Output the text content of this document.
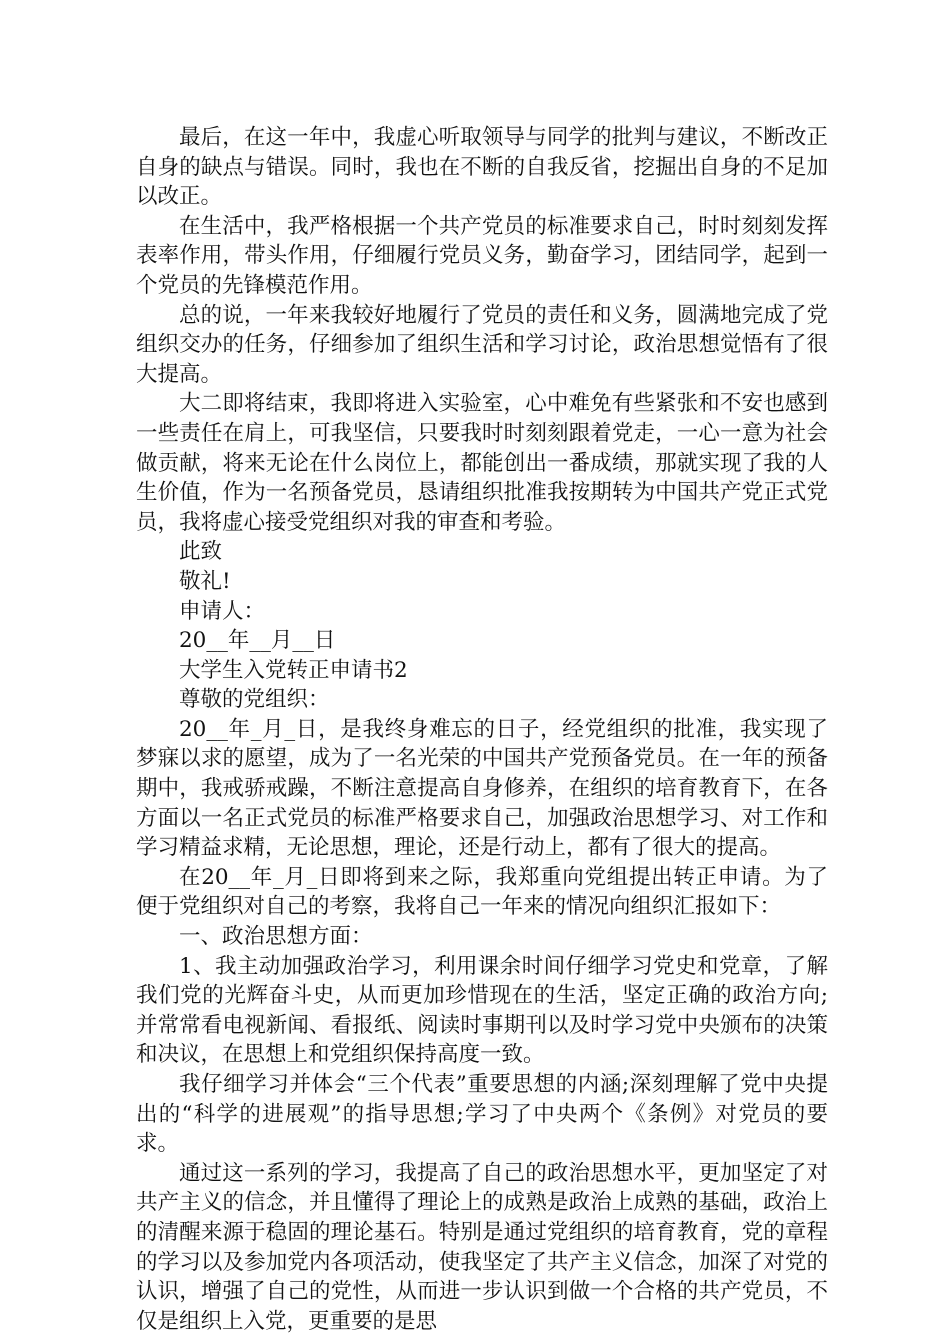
最后，在这一年中，我虚心听取领导与同学的批判与建议，不断改正自身的缺点与错误。同时，我也在不断的自我反省，挖掘出自身的不足加以改正。

在生活中，我严格根据一个共产党员的标准要求自己，时时刻刻发挥表率作用，带头作用，仔细履行党员义务，勤奋学习，团结同学，起到一个党员的先锋模范作用。

总的说，一年来我较好地履行了党员的责任和义务，圆满地完成了党组织交办的任务，仔细参加了组织生活和学习讨论，政治思想觉悟有了很大提高。

大二即将结束，我即将进入实验室，心中难免有些紧张和不安也感到一些责任在肩上，可我坚信，只要我时时刻刻跟着党走，一心一意为社会做贡献，将来无论在什么岗位上，都能创出一番成绩，那就实现了我的人生价值，作为一名预备党员，恳请组织批准我按期转为中国共产党正式党员，我将虚心接受党组织对我的审查和考验。

此致

敬礼!

申请人：

20__年__月__日

大学生入党转正申请书2

尊敬的党组织：

20__年_月_日，是我终身难忘的日子，经党组织的批准，我实现了梦寐以求的愿望，成为了一名光荣的中国共产党预备党员。在一年的预备期中，我戒骄戒躁，不断注意提高自身修养，在组织的培育教育下，在各方面以一名正式党员的标准严格要求自己，加强政治思想学习、对工作和学习精益求精，无论思想，理论，还是行动上，都有了很大的提高。

在20__年_月_日即将到来之际，我郑重向党组提出转正申请。为了便于党组织对自己的考察，我将自己一年来的情况向组织汇报如下：

一、政治思想方面：

1、我主动加强政治学习，利用课余时间仔细学习党史和党章，了解我们党的光辉奋斗史，从而更加珍惜现在的生活，坚定正确的政治方向;并常常看电视新闻、看报纸、阅读时事期刊以及时学习党中央颁布的决策和决议，在思想上和党组织保持高度一致。

我仔细学习并体会“三个代表”重要思想的内涵;深刻理解了党中央提出的“科学的进展观”的指导思想;学习了中央两个《条例》对党员的要求。

通过这一系列的学习，我提高了自己的政治思想水平，更加坚定了对共产主义的信念，并且懂得了理论上的成熟是政治上成熟的基础，政治上的清醒来源于稳固的理论基石。特别是通过党组织的培育教育，党的章程的学习以及参加党内各项活动，使我坚定了共产主义信念，加深了对党的认识，增强了自己的党性，从而进一步认识到做一个合格的共产党员，不仅是组织上入党，更重要的是思
